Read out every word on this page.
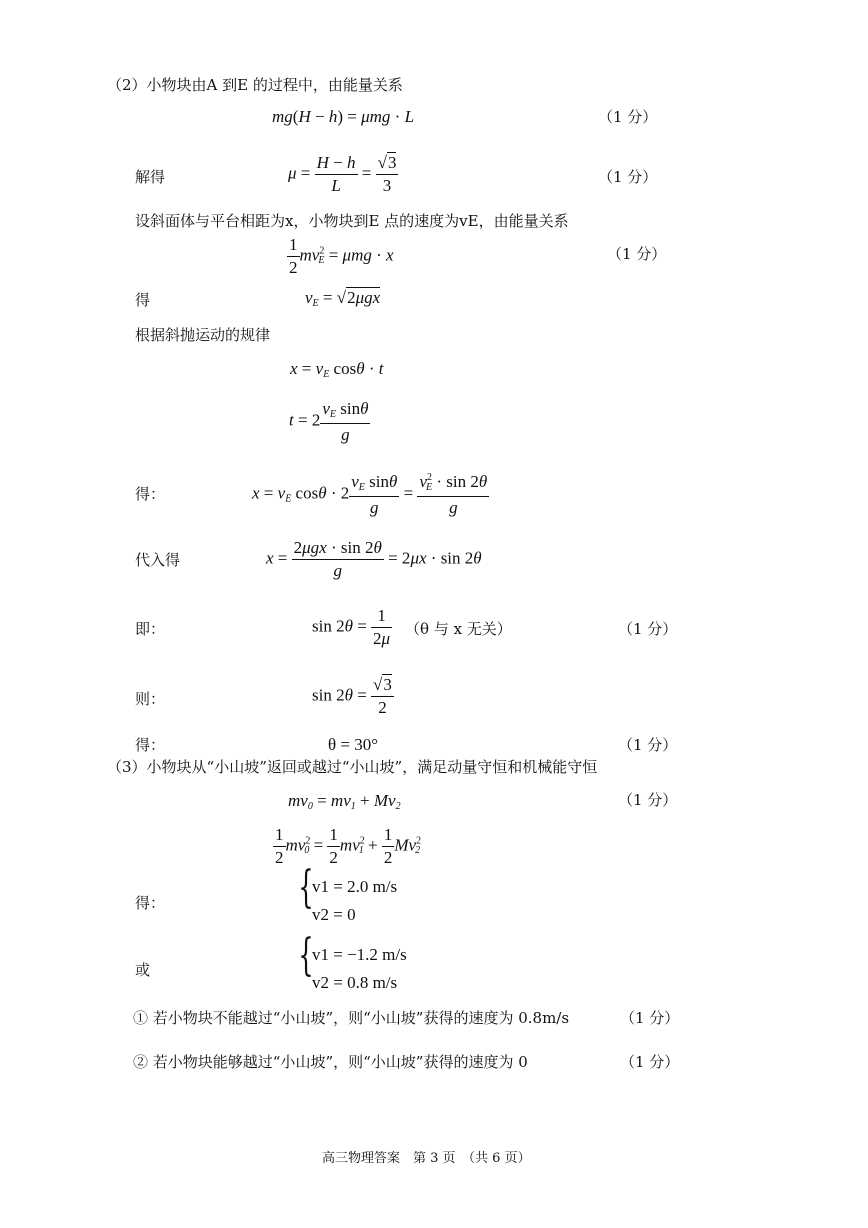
（2）小物块由A 到E 的过程中，由能量关系
mg(H − h) = μmg · L	（1 分）
解得	$\mu = \frac{H - h}{L} = \frac{√3}{3}$	（1 分）
设斜面体与平台相距为x，小物块到E 点的速度为vE，由能量关系
$\frac{1}{2} mv^2_E = \mu mg \cdot x$	（1 分）
得	$v_E = √2\mu gx$
根据斜抛运动的规律
$x = v_E$ cosθ · t
$t = 2 \frac{v_E \sin\theta}{g}$
得：	$x = v_E$ $\cos\theta \cdot 2 \frac{v_E \sin\theta}{g} = \frac{v^2_E \cdot \sin 2\theta}{g}$
代入得	$x = \frac{\text{2μgx · sin 2θ}}{g} = 2\mu x \cdot \sin 2\theta$
即：	$\sin 2\theta = \frac{1}{2\mu} (\theta$ 与 x 无关）	（1 分）
则：	$\sin 2\theta = \frac{√3}{2}$
得：	θ = 30°	（1 分）
（3）小物块从“小山坡”返回或越过“小山坡”，满足动量守恒和机械能守恒
$mv_0 = mv_1 + Mv_2$	（1 分）
$\frac{1}{2} mv^2_0 = \frac{1}{2} mv^2_1 + \frac{1}{2} Mv^2_2$
得：	{
v1 = 2.0 m/s
v2 = 0
或	{
v1 = −1.2 m/s
v2 = 0.8 m/s
① 若小物块不能越过“小山坡”，则“小山坡”获得的速度为 0.8m/s	（1 分）
② 若小物块能够越过“小山坡”，则“小山坡”获得的速度为 0	（1 分）
高三物理答案　第 3 页　（共 6 页）
